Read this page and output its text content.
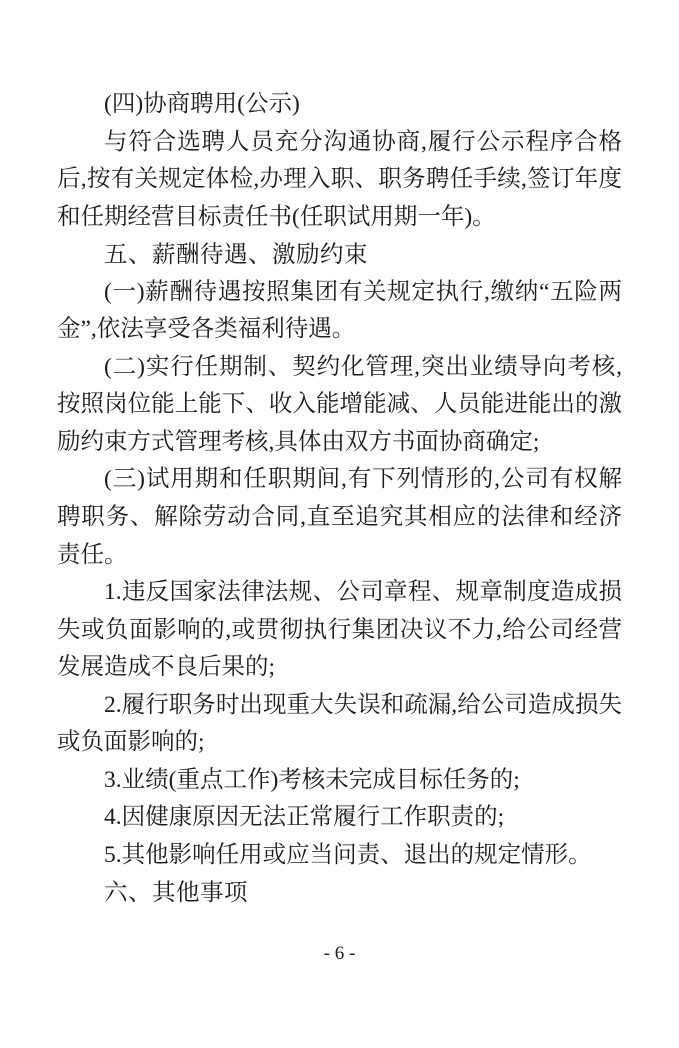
(四)协商聘用(公示)

与符合选聘人员充分沟通协商,履行公示程序合格后,按有关规定体检,办理入职、职务聘任手续,签订年度和任期经营目标责任书(任职试用期一年)。

五、薪酬待遇、激励约束

(一)薪酬待遇按照集团有关规定执行,缴纳“五险两金”,依法享受各类福利待遇。

(二)实行任期制、契约化管理,突出业绩导向考核,按照岗位能上能下、收入能增能减、人员能进能出的激励约束方式管理考核,具体由双方书面协商确定;

(三)试用期和任职期间,有下列情形的,公司有权解聘职务、解除劳动合同,直至追究其相应的法律和经济责任。

1.违反国家法律法规、公司章程、规章制度造成损失或负面影响的,或贯彻执行集团决议不力,给公司经营发展造成不良后果的;

2.履行职务时出现重大失误和疏漏,给公司造成损失或负面影响的;

3.业绩(重点工作)考核未完成目标任务的;

4.因健康原因无法正常履行工作职责的;

5.其他影响任用或应当问责、退出的规定情形。

六、其他事项
- 6 -
